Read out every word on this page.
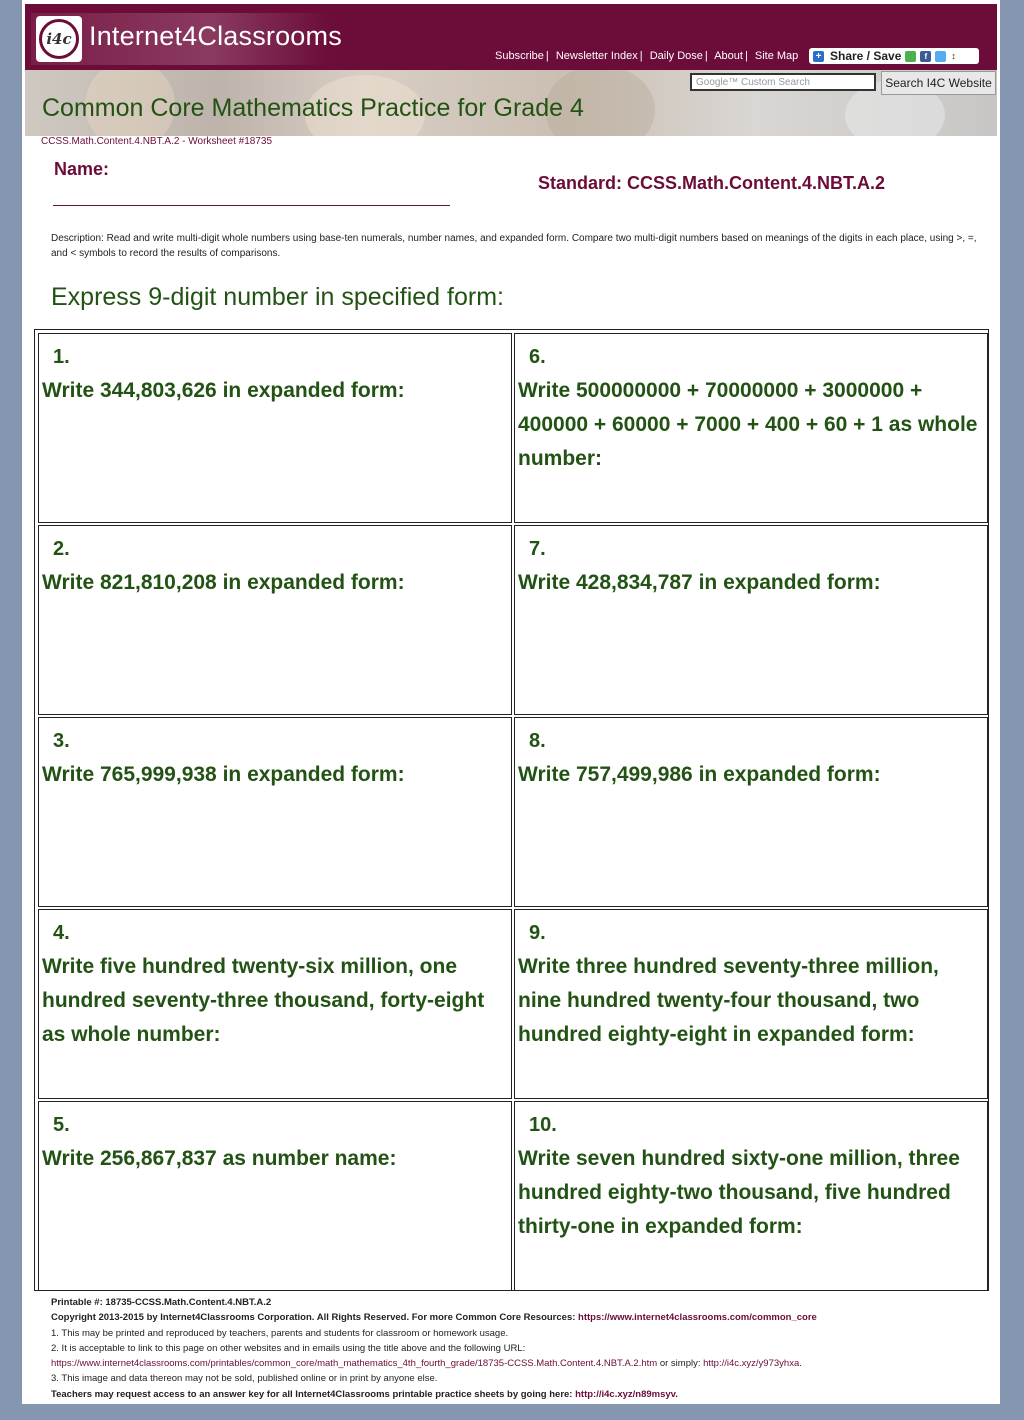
i4c Internet4Classrooms
Subscribe | Newsletter Index | Daily Dose | About | Site Map + Share / Save	f	↕
Common Core Mathematics Practice for Grade 4
Google™ Custom Search	Search I4C Website
CCSS.Math.Content.4.NBT.A.2 - Worksheet #18735
Name:
Standard: CCSS.Math.Content.4.NBT.A.2
Description: Read and write multi-digit whole numbers using base-ten numerals, number names, and expanded form. Compare two multi-digit numbers based on meanings of the digits in each place, using >, =, and < symbols to record the results of comparisons.
Express 9-digit number in specified form:
1.
Write 344,803,626 in expanded form:
2.
Write 821,810,208 in expanded form:
3.
Write 765,999,938 in expanded form:
4.
Write five hundred twenty-six million, one hundred seventy-three thousand, forty-eight as whole number:
5.
Write 256,867,837 as number name:
6.
Write 500000000 + 70000000 + 3000000 + 400000 + 60000 + 7000 + 400 + 60 + 1 as whole number:
7.
Write 428,834,787 in expanded form:
8.
Write 757,499,986 in expanded form:
9.
Write three hundred seventy-three million, nine hundred twenty-four thousand, two hundred eighty-eight in expanded form:
10.
Write seven hundred sixty-one million, three hundred eighty-two thousand, five hundred thirty-one in expanded form:
Printable #: 18735-CCSS.Math.Content.4.NBT.A.2
Copyright 2013-2015 by Internet4Classrooms Corporation. All Rights Reserved. For more Common Core Resources: https://www.internet4classrooms.com/common_core
1. This may be printed and reproduced by teachers, parents and students for classroom or homework usage.
2. It is acceptable to link to this page on other websites and in emails using the title above and the following URL:
https://www.internet4classrooms.com/printables/common_core/math_mathematics_4th_fourth_grade/18735-CCSS.Math.Content.4.NBT.A.2.htm or simply: http://i4c.xyz/y973yhxa.
3. This image and data thereon may not be sold, published online or in print by anyone else.
Teachers may request access to an answer key for all Internet4Classrooms printable practice sheets by going here: http://i4c.xyz/n89msyv.
